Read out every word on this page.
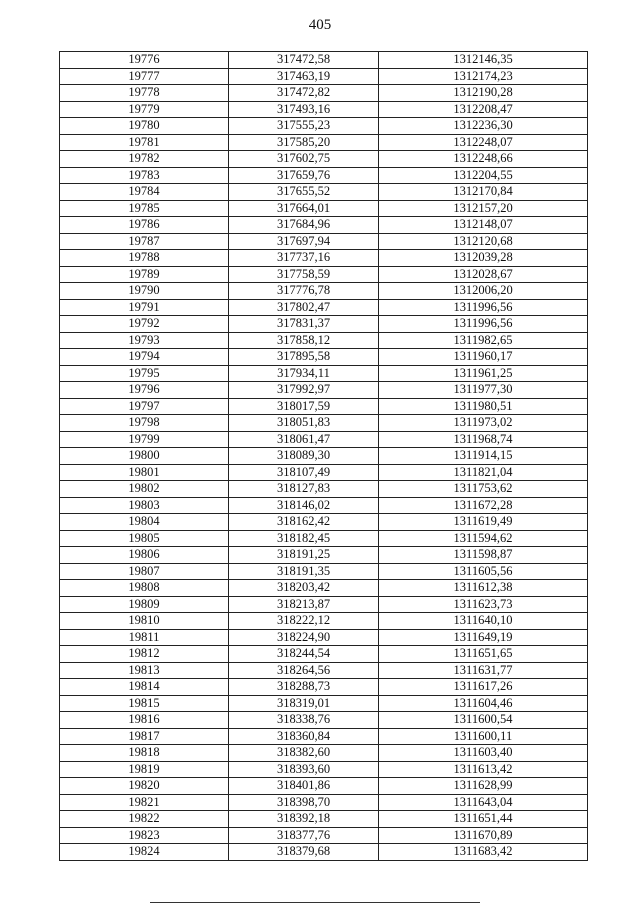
405
19776	317472,58	1312146,35
19777	317463,19	1312174,23
19778	317472,82	1312190,28
19779	317493,16	1312208,47
19780	317555,23	1312236,30
19781	317585,20	1312248,07
19782	317602,75	1312248,66
19783	317659,76	1312204,55
19784	317655,52	1312170,84
19785	317664,01	1312157,20
19786	317684,96	1312148,07
19787	317697,94	1312120,68
19788	317737,16	1312039,28
19789	317758,59	1312028,67
19790	317776,78	1312006,20
19791	317802,47	1311996,56
19792	317831,37	1311996,56
19793	317858,12	1311982,65
19794	317895,58	1311960,17
19795	317934,11	1311961,25
19796	317992,97	1311977,30
19797	318017,59	1311980,51
19798	318051,83	1311973,02
19799	318061,47	1311968,74
19800	318089,30	1311914,15
19801	318107,49	1311821,04
19802	318127,83	1311753,62
19803	318146,02	1311672,28
19804	318162,42	1311619,49
19805	318182,45	1311594,62
19806	318191,25	1311598,87
19807	318191,35	1311605,56
19808	318203,42	1311612,38
19809	318213,87	1311623,73
19810	318222,12	1311640,10
19811	318224,90	1311649,19
19812	318244,54	1311651,65
19813	318264,56	1311631,77
19814	318288,73	1311617,26
19815	318319,01	1311604,46
19816	318338,76	1311600,54
19817	318360,84	1311600,11
19818	318382,60	1311603,40
19819	318393,60	1311613,42
19820	318401,86	1311628,99
19821	318398,70	1311643,04
19822	318392,18	1311651,44
19823	318377,76	1311670,89
19824	318379,68	1311683,42
